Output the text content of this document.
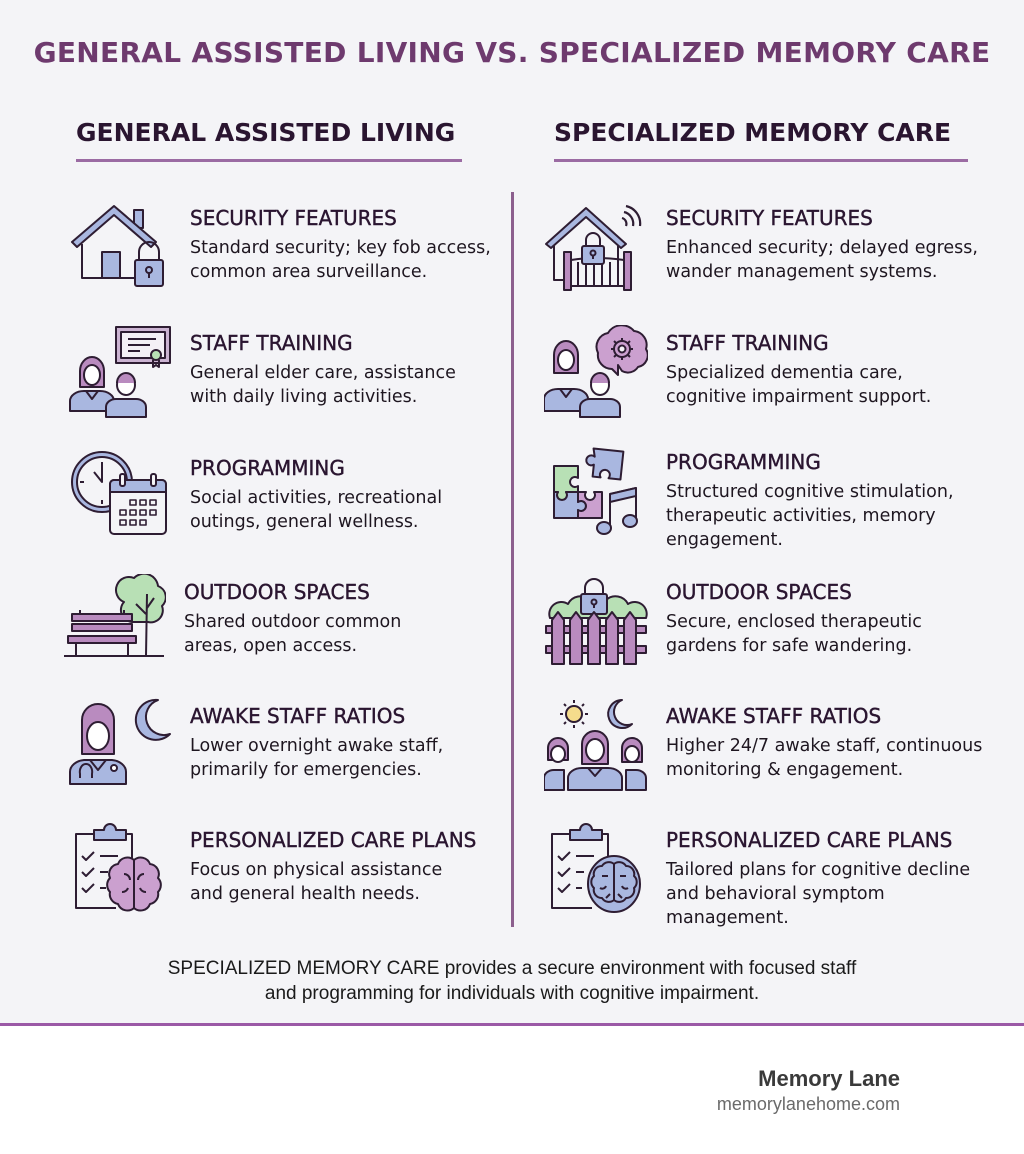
GENERAL ASSISTED LIVING VS. SPECIALIZED MEMORY CARE
GENERAL ASSISTED LIVING	SPECIALIZED MEMORY CARE
SECURITY FEATURES
Standard security; key fob access, common area surveillance.
STAFF TRAINING
General elder care, assistance with daily living activities.
PROGRAMMING
Social activities, recreational outings, general wellness.
OUTDOOR SPACES
Shared outdoor common areas, open access.
AWAKE STAFF RATIOS
Lower overnight awake staff, primarily for emergencies.
PERSONALIZED CARE PLANS
Focus on physical assistance and general health needs.
SECURITY FEATURES
Enhanced security; delayed egress, wander management systems.
STAFF TRAINING
Specialized dementia care, cognitive impairment support.
PROGRAMMING
Structured cognitive stimulation, therapeutic activities, memory engagement.
OUTDOOR SPACES
Secure, enclosed therapeutic gardens for safe wandering.
AWAKE STAFF RATIOS
Higher 24/7 awake staff, continuous monitoring & engagement.
PERSONALIZED CARE PLANS
Tailored plans for cognitive decline and behavioral symptom management.
SPECIALIZED MEMORY CARE provides a secure environment with focused staff
and programming for individuals with cognitive impairment.
Memory Lane
memorylanehome.com
